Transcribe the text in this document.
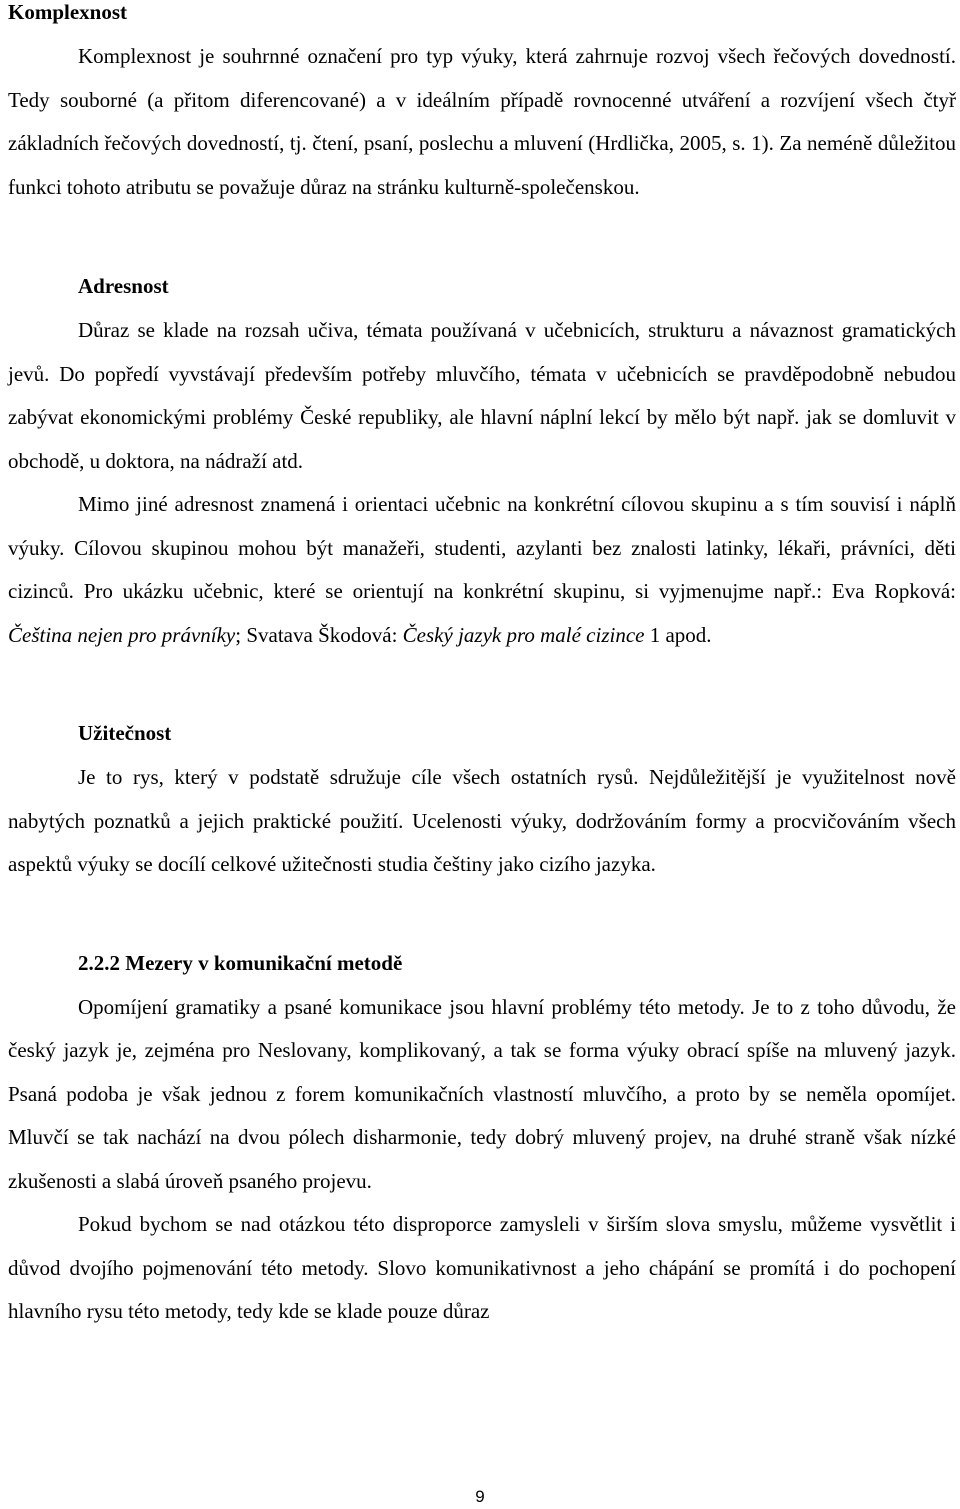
Komplexnost

Komplexnost je souhrnné označení pro typ výuky, která zahrnuje rozvoj všech řečových dovedností. Tedy souborné (a přitom diferencované) a v ideálním případě rovnocenné utváření a rozvíjení všech čtyř základních řečových dovedností, tj. čtení, psaní, poslechu a mluvení (Hrdlička, 2005, s. 1). Za neméně důležitou funkci tohoto atributu se považuje důraz na stránku kulturně-společenskou.

Adresnost

Důraz se klade na rozsah učiva, témata používaná v učebnicích, strukturu a návaznost gramatických jevů. Do popředí vyvstávají především potřeby mluvčího, témata v učebnicích se pravděpodobně nebudou zabývat ekonomickými problémy České republiky, ale hlavní náplní lekcí by mělo být např. jak se domluvit v obchodě, u doktora, na nádraží atd.

Mimo jiné adresnost znamená i orientaci učebnic na konkrétní cílovou skupinu a s tím souvisí i náplň výuky. Cílovou skupinou mohou být manažeři, studenti, azylanti bez znalosti latinky, lékaři, právníci, děti cizinců. Pro ukázku učebnic, které se orientují na konkrétní skupinu, si vyjmenujme např.: Eva Ropková: Čeština nejen pro právníky; Svatava Škodová: Český jazyk pro malé cizince 1 apod.

Užitečnost

Je to rys, který v podstatě sdružuje cíle všech ostatních rysů. Nejdůležitější je využitelnost nově nabytých poznatků a jejich praktické použití. Ucelenosti výuky, dodržováním formy a procvičováním všech aspektů výuky se docílí celkové užitečnosti studia češtiny jako cizího jazyka.

2.2.2 Mezery v komunikační metodě

Opomíjení gramatiky a psané komunikace jsou hlavní problémy této metody. Je to z toho důvodu, že český jazyk je, zejména pro Neslovany, komplikovaný, a tak se forma výuky obrací spíše na mluvený jazyk. Psaná podoba je však jednou z forem komunikačních vlastností mluvčího, a proto by se neměla opomíjet. Mluvčí se tak nachází na dvou pólech disharmonie, tedy dobrý mluvený projev, na druhé straně však nízké zkušenosti a slabá úroveň psaného projevu.

Pokud bychom se nad otázkou této disproporce zamysleli v širším slova smyslu, můžeme vysvětlit i důvod dvojího pojmenování této metody. Slovo komunikativnost a jeho chápání se promítá i do pochopení hlavního rysu této metody, tedy kde se klade pouze důraz

9
